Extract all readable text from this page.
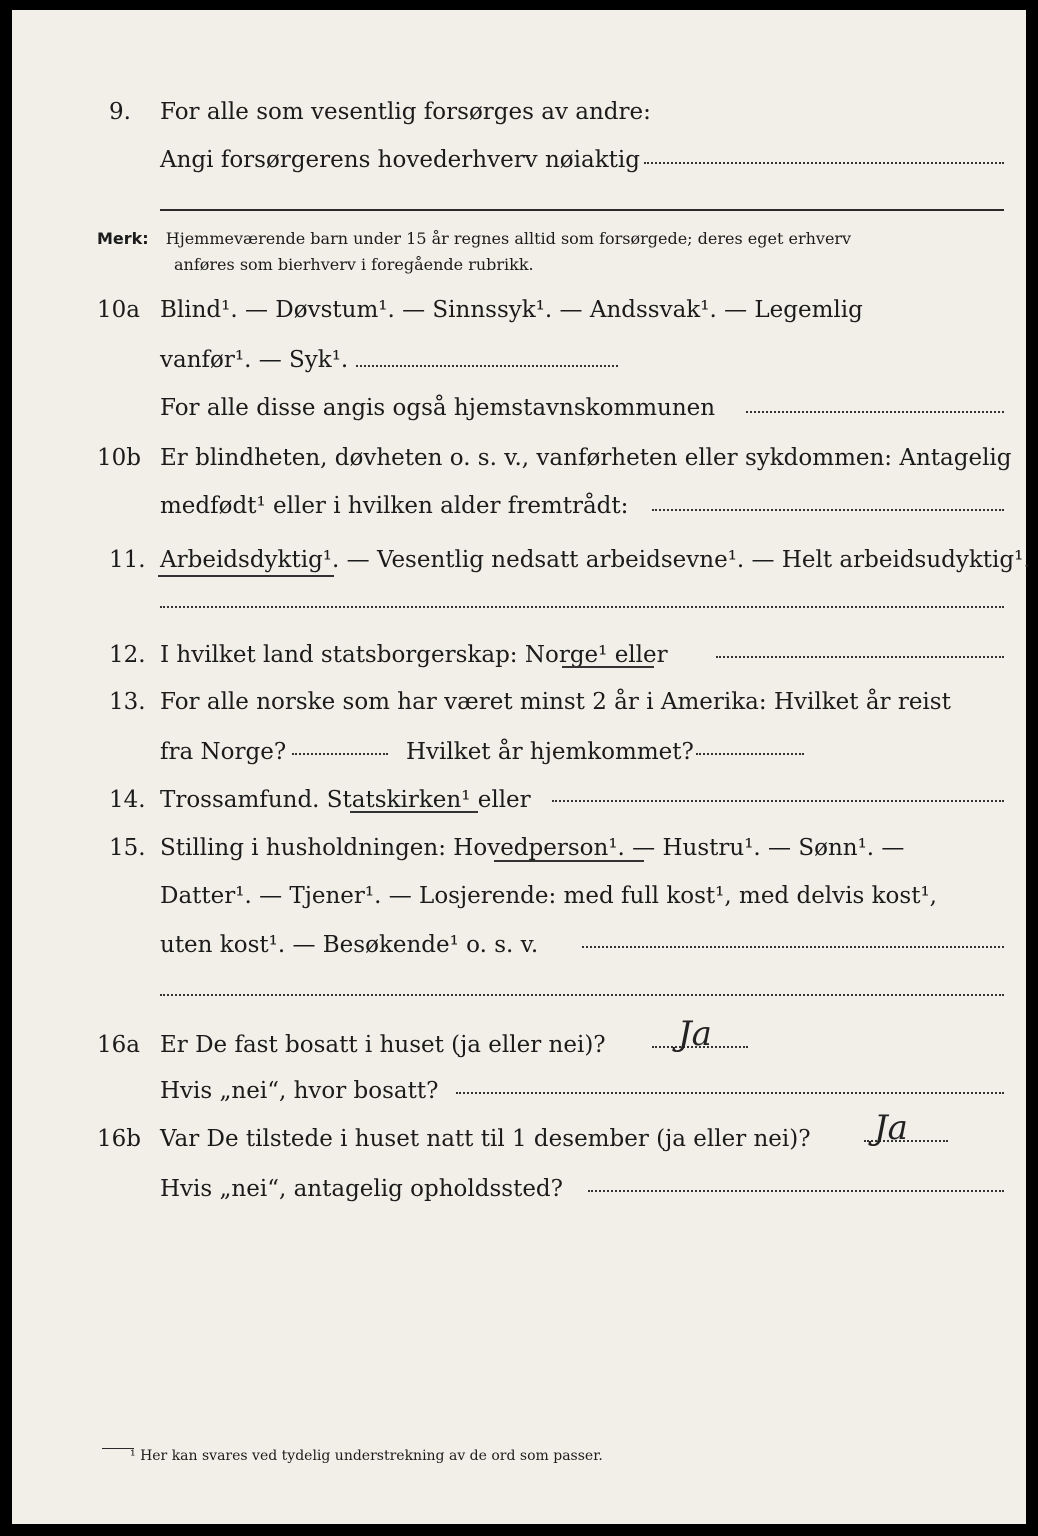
9. For alle som vesentlig forsørges av andre:
Angi forsørgerens hovederhverv nøiaktig
Merk: Hjemmeværende barn under 15 år regnes alltid som forsørgede; deres eget erhverv
anføres som bierhverv i foregående rubrikk.
10a Blind¹. — Døvstum¹. — Sinnssyk¹. — Andssvak¹. — Legemlig
vanfør¹. — Syk¹.
For alle disse angis også hjemstavnskommunen
10b Er blindheten, døvheten o. s. v., vanførheten eller sykdommen: Antagelig
medfødt¹ eller i hvilken alder fremtrådt:
11. Arbeidsdyktig¹. — Vesentlig nedsatt arbeidsevne¹. — Helt arbeidsudyktig¹.
12. I hvilket land statsborgerskap: Norge¹ eller
13. For alle norske som har været minst 2 år i Amerika: Hvilket år reist
fra Norge?	Hvilket år hjemkommet?
14. Trossamfund. Statskirken¹ eller
15. Stilling i husholdningen: Hovedperson¹. — Hustru¹. — Sønn¹. —
Datter¹. — Tjener¹. — Losjerende: med full kost¹, med delvis kost¹,
uten kost¹. — Besøkende¹ o. s. v.
16a Er De fast bosatt i huset (ja eller nei)? Ja
Hvis „nei“, hvor bosatt?
16b Var De tilstede i huset natt til 1 desember (ja eller nei)? Ja
Hvis „nei“, antagelig opholdssted?
¹ Her kan svares ved tydelig understrekning av de ord som passer.
